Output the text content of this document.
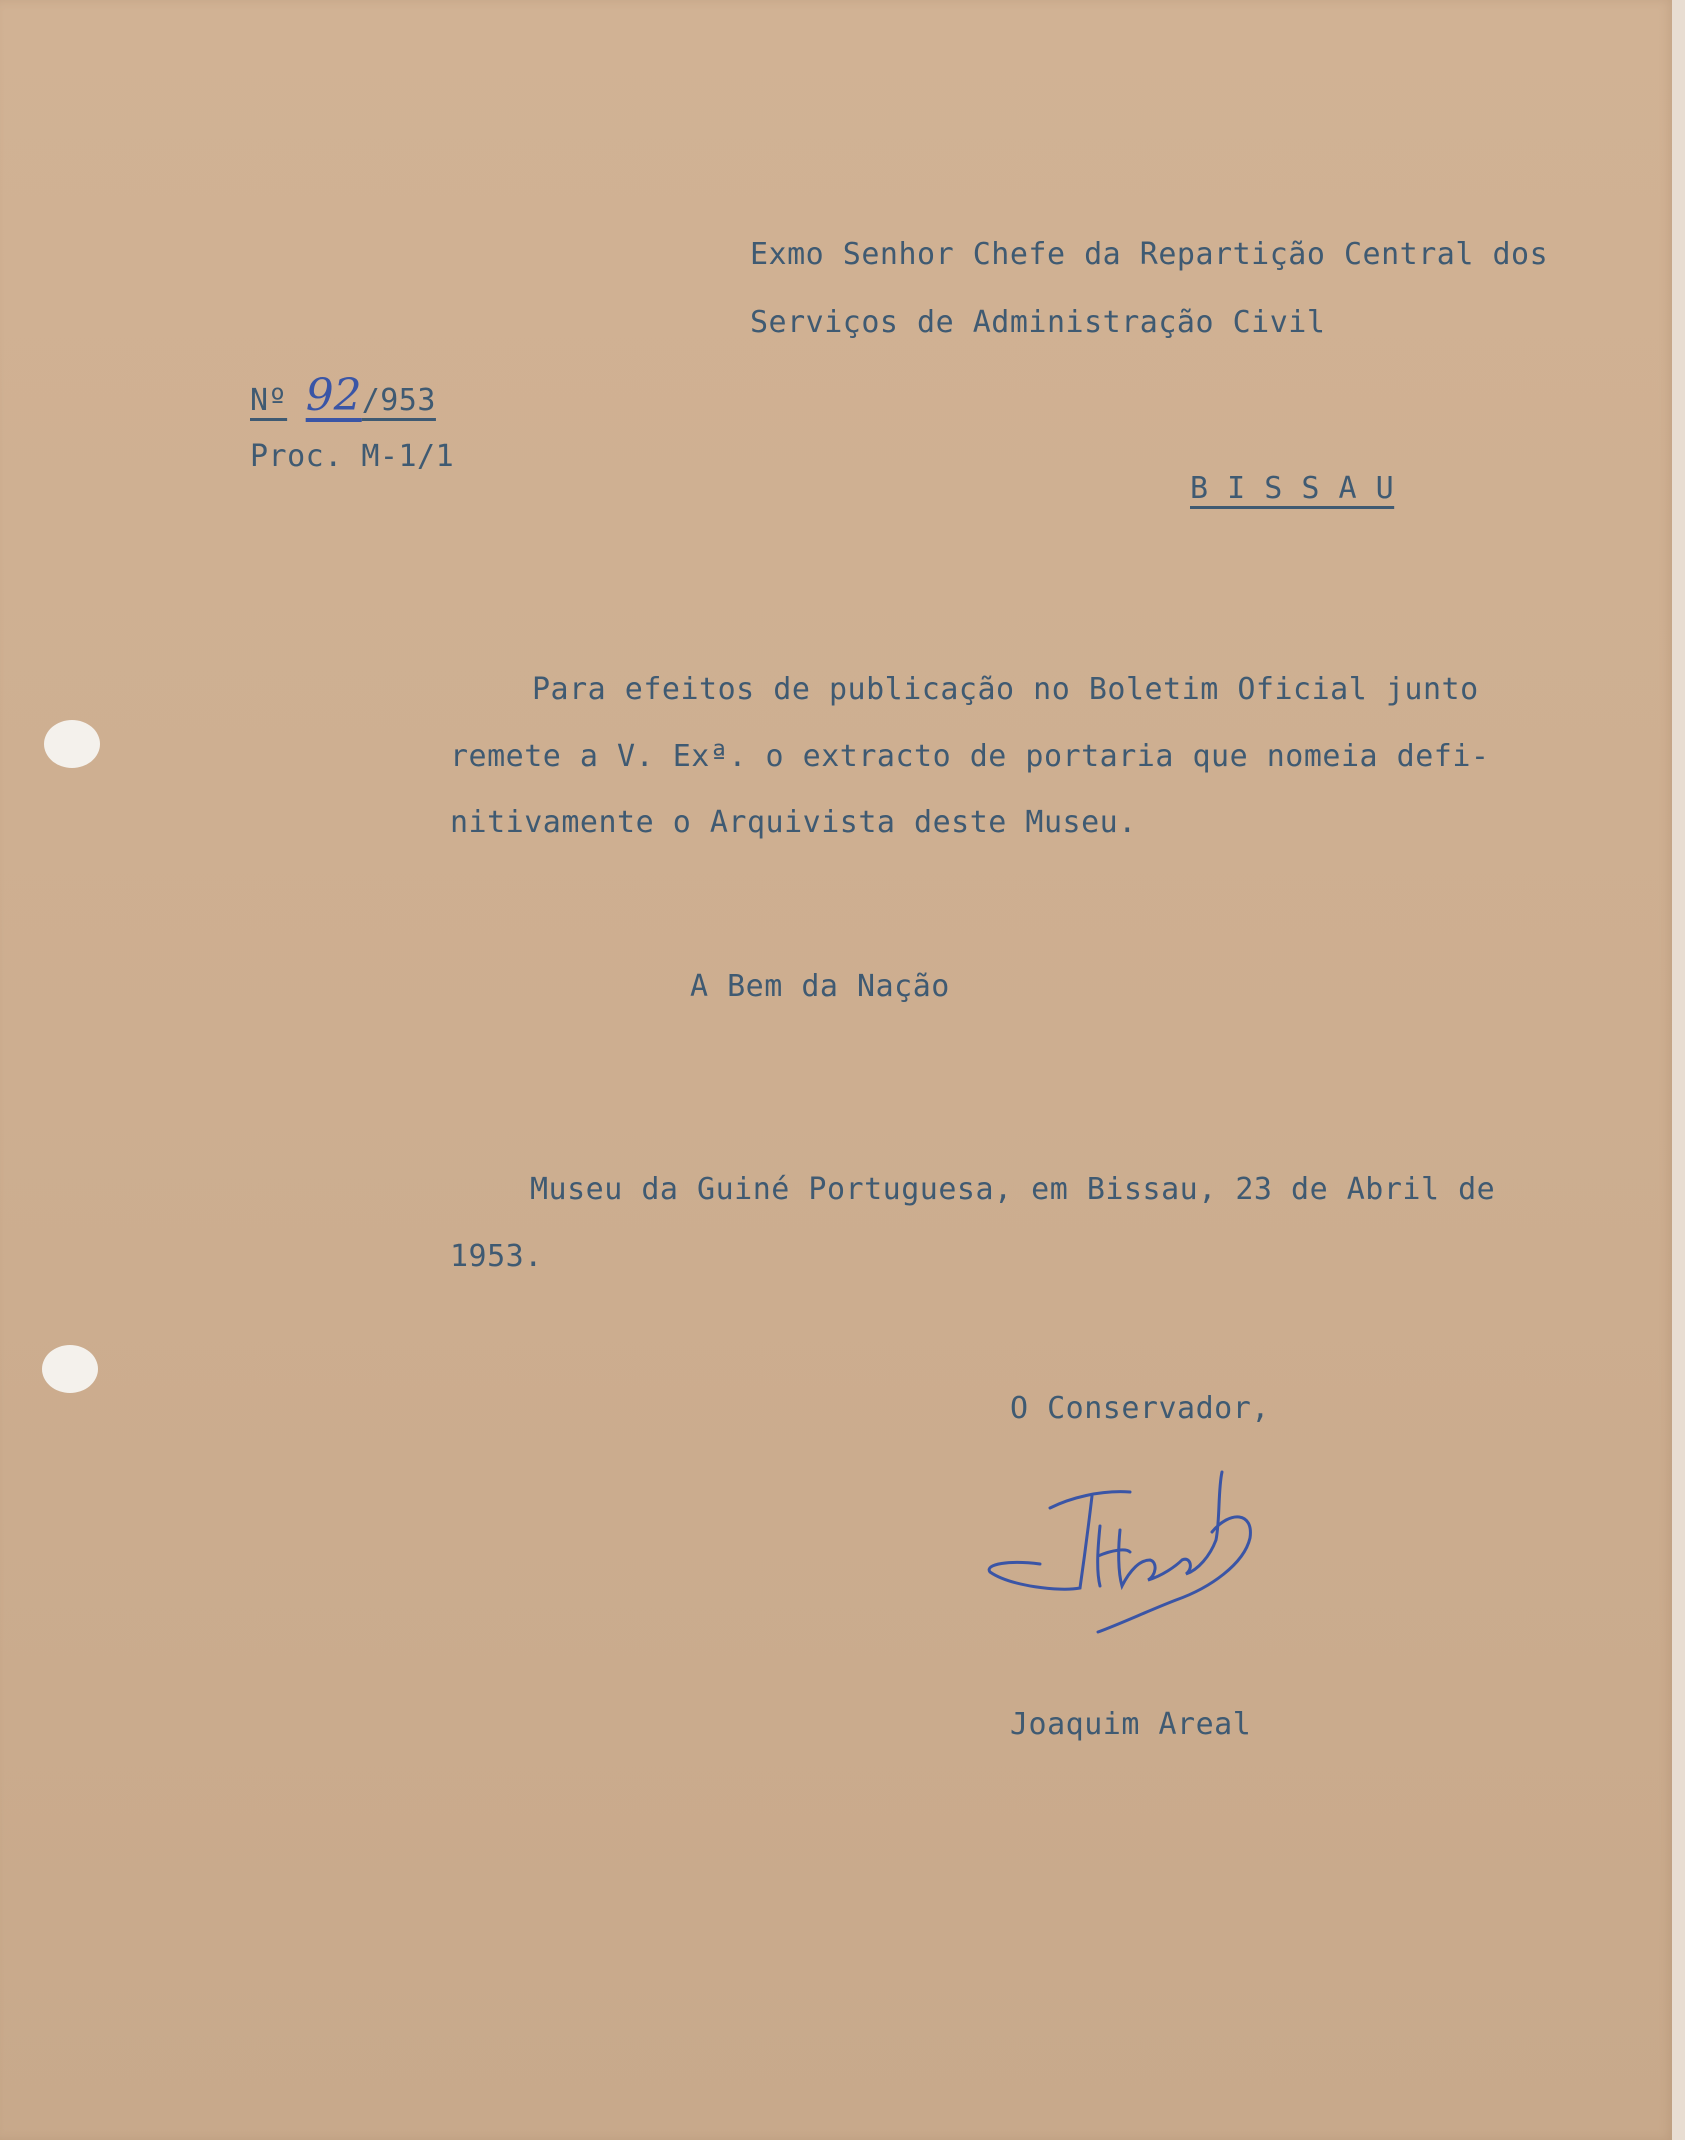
Exmo Senhor Chefe da Repartição Central dos
Serviços de Administração Civil
Nº 92/953
Proc. M-1/1
B I S S A U
Para efeitos de publicação no Boletim Oficial junto
remete a V. Exª. o extracto de portaria que nomeia defi-
nitivamente o Arquivista deste Museu.
A Bem da Nação
Museu da Guiné Portuguesa, em Bissau, 23 de Abril de
1953.
O Conservador,
Joaquim Areal
